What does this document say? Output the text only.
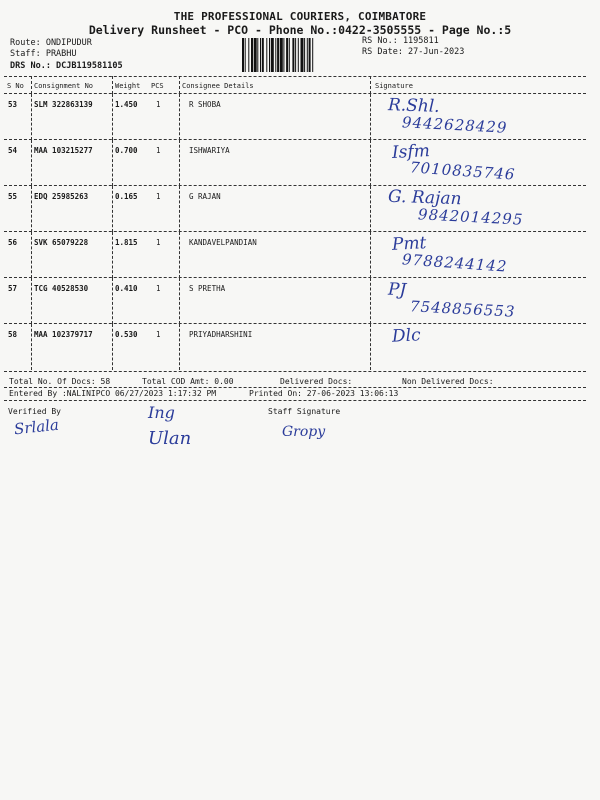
THE PROFESSIONAL COURIERS, COIMBATORE
Delivery Runsheet - PCO - Phone No.:0422-3505555 - Page No.:5
Route: ONDIPUDUR
Staff: PRABHU
DRS No.: DCJB119581105
RS No.: 1195811
RS Date: 27-Jun-2023
S No Consignment No	Weight PCS	Consignee Details	Signature
53 SLM 322863139	1.450 1	R SHOBA	R.Shl.
9442628429
54 MAA 103215277	0.700 1	ISHWARIYA	Isfm
7010835746
55 EDQ 25985263	0.165 1	G RAJAN	G. Rajan
9842014295
56 SVK 65079228	1.815 1	KANDAVELPANDIAN	Pmt
9788244142
57 TCG 40528530	0.410 1	S PRETHA	PJ
7548856553
58 MAA 102379717	0.530 1	PRIYADHARSHINI	Dlc
Total No. Of Docs: 58	Total COD Amt: 0.00	Delivered Docs:	Non Delivered Docs:
Entered By :NALINIPCO 06/27/2023 1:17:32 PM	Printed On: 27-06-2023 13:06:13
Verified By	Staff Signature
Srlala
Ing
Ulan	Gropy
